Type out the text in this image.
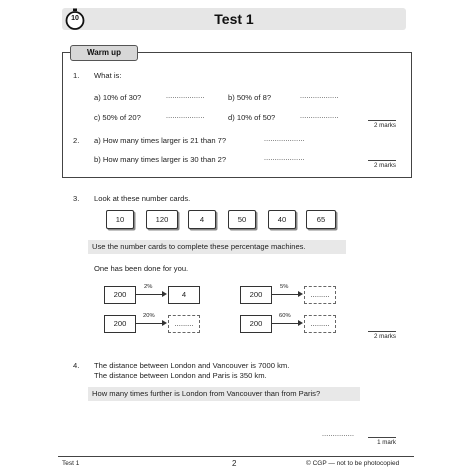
Test 1
10
Warm up
1. What is:
a) 10% of 30?	..................	b) 50% of 8?	..................
c) 50% of 20?	..................	d) 10% of 50?	..................
2 marks
2. a) How many times larger is 21 than 7?	...................
b) How many times larger is 30 than 2?	...................
2 marks
3. Look at these number cards.
10	120	4	50	40	65
Use the number cards to complete these percentage machines.
One has been done for you.
200
2%
4	200
5%
.........
200
20%
.........	200
60%
.........
2 marks
4. The distance between London and Vancouver is 7000 km.
The distance between London and Paris is 350 km.
How many times further is London from Vancouver than from Paris?
...............
1 mark
Test 1	2	© CGP — not to be photocopied
